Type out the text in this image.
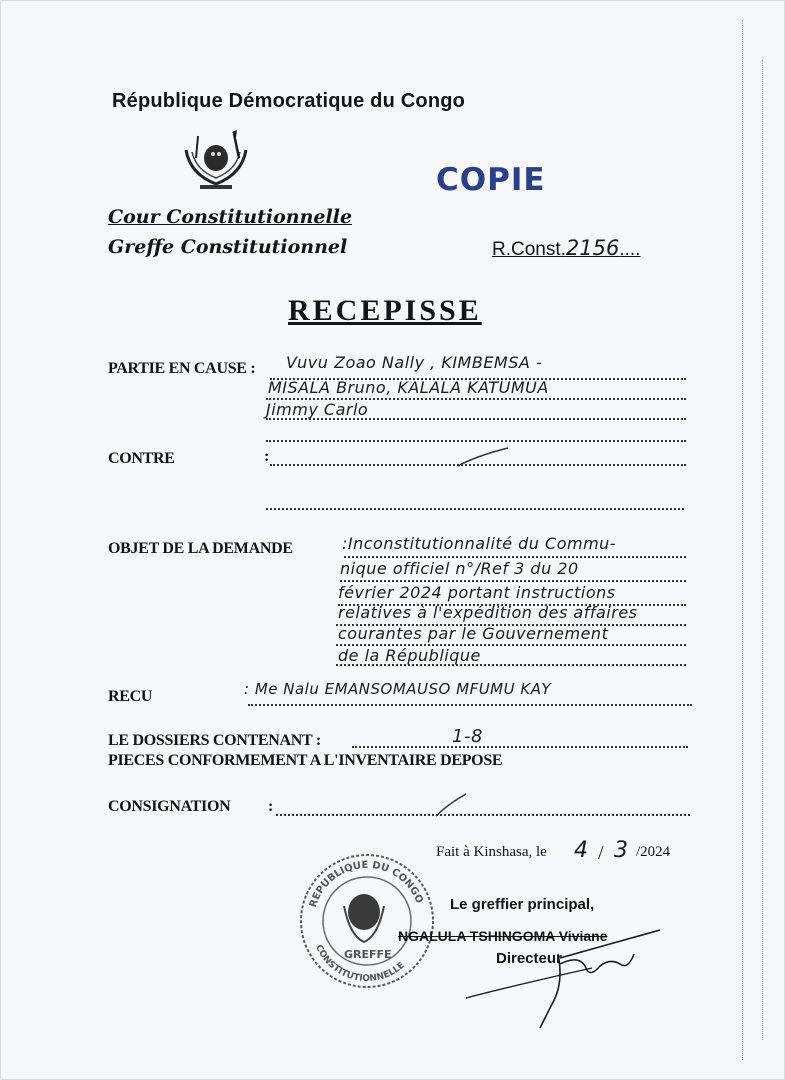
République Démocratique du Congo
COPIE
Cour Constitutionnelle
Greffe Constitutionnel	R.Const.2156....
RECEPISSE
PARTIE EN CAUSE : Vuvu Zoao Nally , KIMBEMSA -
MISALA Bruno, KALALA KATUMUA
Jimmy Carlo
CONTRE	:
OBJET DE LA DEMANDE	:Inconstitutionnalité du Commu-
nique officiel n°/Ref 3 du 20
février 2024 portant instructions
relatives à l'expédition des affaires
courantes par le Gouvernement
de la République
RECU	: Me Nalu EMANSOMAUSO MFUMU KAY
LE DOSSIERS CONTENANT :	1-8
PIECES CONFORMEMENT A L'INVENTAIRE DEPOSE
CONSIGNATION :
Fait à Kinshasa, le 4 / 3 /2024
REPUBLIQUE DU CONGO
CONSTITUTIONNELLE
GREFFE
Le greffier principal,
NGALULA TSHINGOMA Viviane
Directeur
